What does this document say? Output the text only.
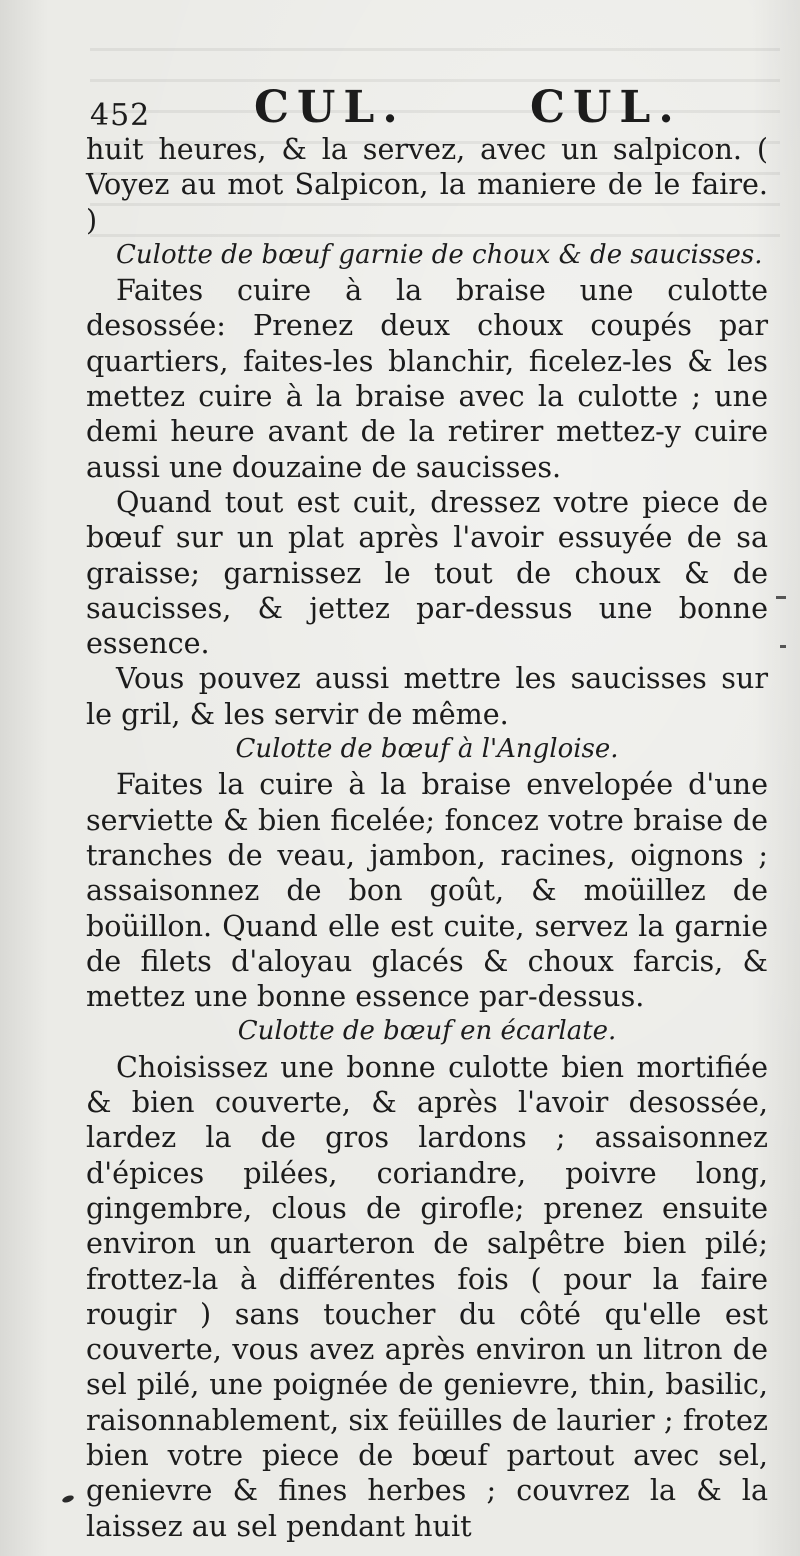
452 CUL.	CUL.

huit heures, & la servez, avec un salpicon. ( Voyez au mot Salpicon, la maniere de le faire. )

Culotte de bœuf garnie de choux & de saucisses.

Faites cuire à la braise une culotte desossée: Prenez deux choux coupés par quartiers, faites-les blanchir, ficelez-les & les mettez cuire à la braise avec la culotte ; une demi heure avant de la retirer mettez-y cuire aussi une douzaine de saucisses.

Quand tout est cuit, dressez votre piece de bœuf sur un plat après l'avoir essuyée de sa graisse; garnissez le tout de choux & de saucisses, & jettez par-dessus une bonne essence.

Vous pouvez aussi mettre les saucisses sur le gril, & les servir de même.

Culotte de bœuf à l'Angloise.

Faites la cuire à la braise envelopée d'une serviette & bien ficelée; foncez votre braise de tranches de veau, jambon, racines, oignons ; assaisonnez de bon goût, & moüillez de boüillon. Quand elle est cuite, servez la garnie de filets d'aloyau glacés & choux farcis, & mettez une bonne essence par-dessus.

Culotte de bœuf en écarlate.

Choisissez une bonne culotte bien mortifiée & bien couverte, & après l'avoir desossée, lardez la de gros lardons ; assaisonnez d'épices pilées, coriandre, poivre long, gingembre, clous de girofle; prenez ensuite environ un quarteron de salpêtre bien pilé; frottez-la à différentes fois ( pour la faire rougir ) sans toucher du côté qu'elle est couverte, vous avez après environ un litron de sel pilé, une poignée de genievre, thin, basilic, raisonnablement, six feüilles de laurier ; frotez bien votre piece de bœuf partout avec sel, genievre & fines herbes ; couvrez la & la laissez au sel pendant huit
